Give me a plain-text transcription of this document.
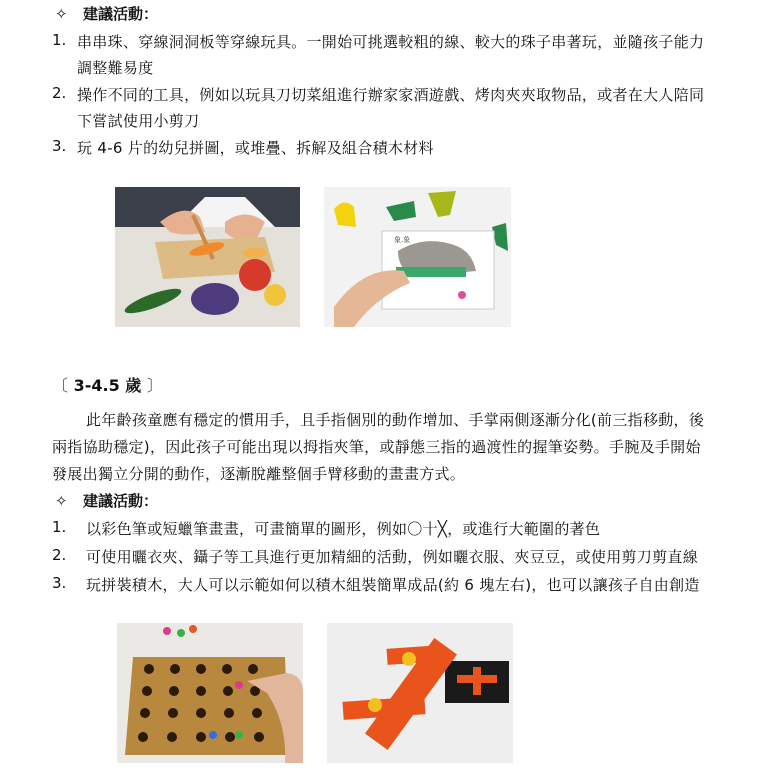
✧ 建議活動：
1. 串串珠、穿線洞洞板等穿線玩具。一開始可挑選較粗的線、較大的珠子串著玩，並隨孩子能力
調整難易度
2. 操作不同的工具，例如以玩具刀切菜組進行辦家家酒遊戲、烤肉夾夾取物品，或者在大人陪同
下嘗試使用小剪刀
3. 玩 4-6 片的幼兒拼圖，或堆疊、拆解及組合積木材料
象.象
〔 3-4.5 歲 〕
此年齡孩童應有穩定的慣用手，且手指個別的動作增加、手掌兩側逐漸分化(前三指移動，後
兩指協助穩定)，因此孩子可能出現以拇指夾筆，或靜態三指的過渡性的握筆姿勢。手腕及手開始
發展出獨立分開的動作，逐漸脫離整個手臂移動的畫畫方式。
✧ 建議活動：
1. 以彩色筆或短蠟筆畫畫，可畫簡單的圖形，例如〇十╳，或進行大範圍的著色
2. 可使用曬衣夾、鑷子等工具進行更加精細的活動，例如曬衣服、夾豆豆，或使用剪刀剪直線
3. 玩拼裝積木，大人可以示範如何以積木組裝簡單成品(約 6 塊左右)，也可以讓孩子自由創造
